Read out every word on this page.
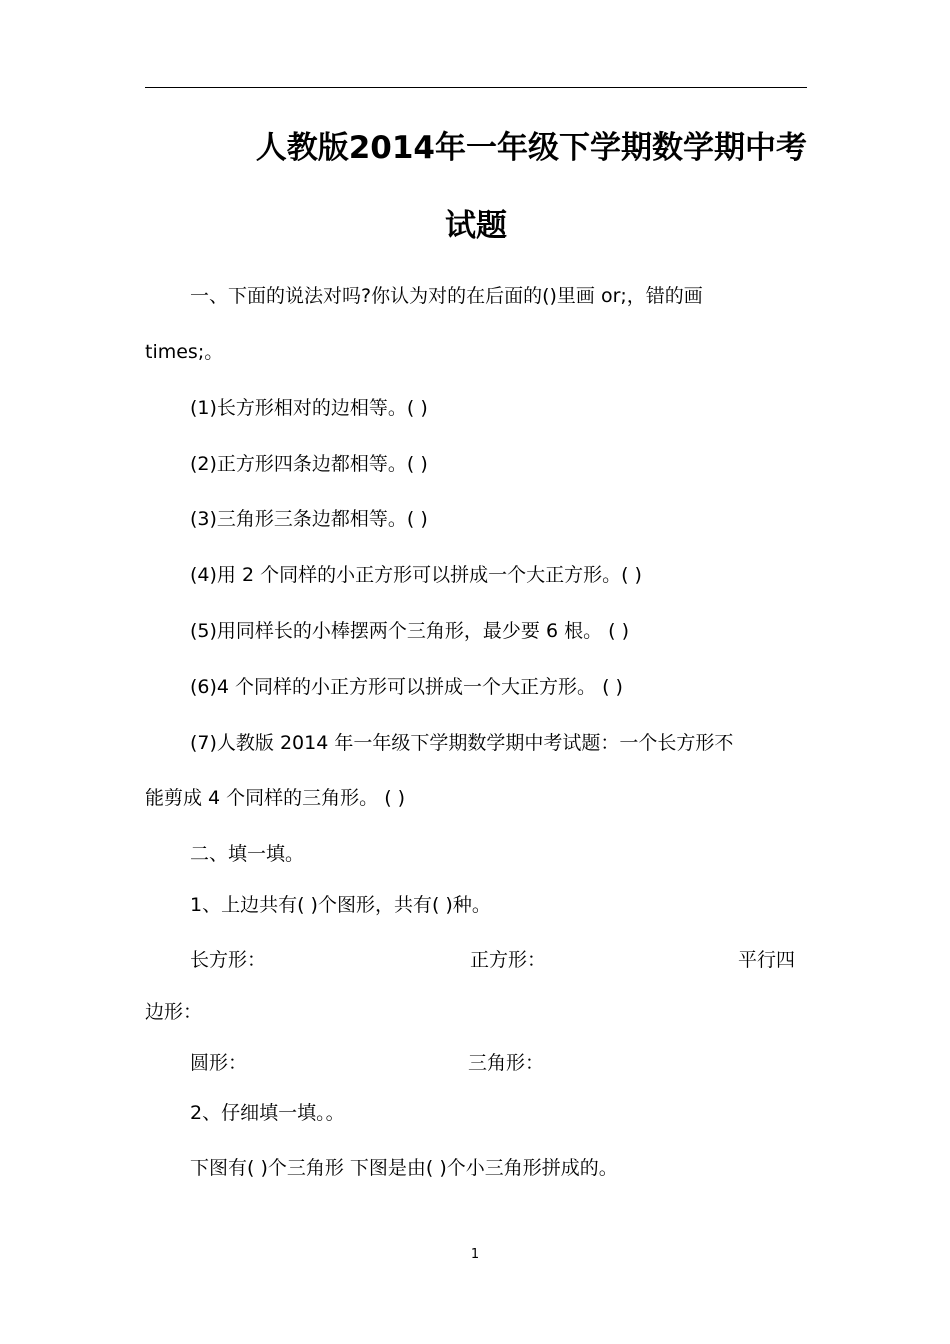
人教版2014年一年级下学期数学期中考
试题
一、下面的说法对吗?你认为对的在后面的()里画 or;，错的画
times;。
(1)长方形相对的边相等。( )
(2)正方形四条边都相等。( )
(3)三角形三条边都相等。( )
(4)用 2 个同样的小正方形可以拼成一个大正方形。( )
(5)用同样长的小棒摆两个三角形，最少要 6 根。 ( )
(6)4 个同样的小正方形可以拼成一个大正方形。 ( )
(7)人教版 2014 年一年级下学期数学期中考试题：一个长方形不
能剪成 4 个同样的三角形。 ( )
二、填一填。
1、上边共有( )个图形，共有( )种。
长方形：	正方形：	平行四
边形：
圆形：	三角形：
2、仔细填一填。。
下图有( )个三角形 下图是由( )个小三角形拼成的。
1
